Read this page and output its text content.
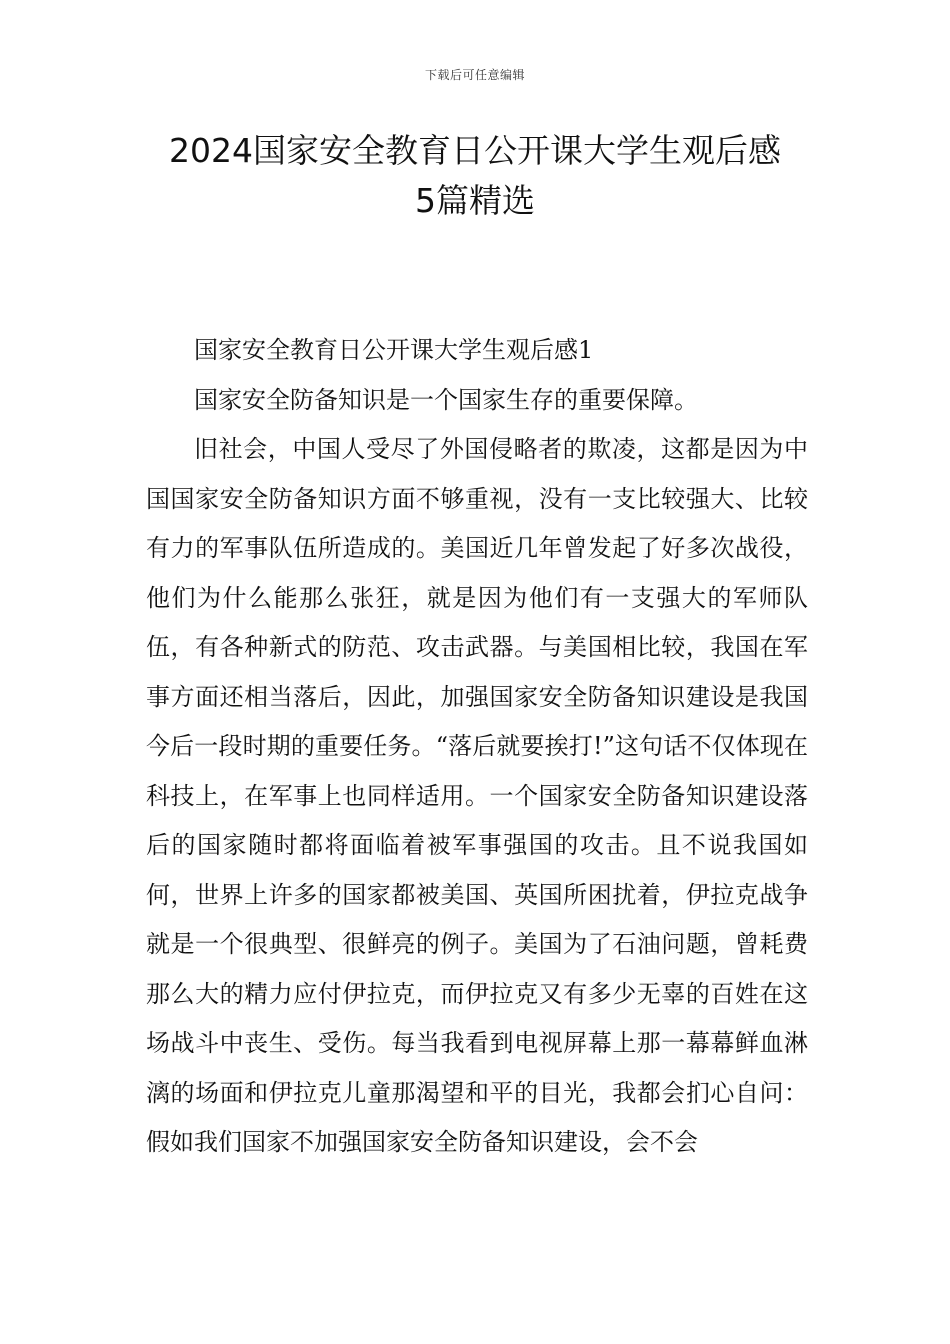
下载后可任意编辑
2024国家安全教育日公开课大学生观后感
5篇精选

国家安全教育日公开课大学生观后感1

国家安全防备知识是一个国家生存的重要保障。

旧社会，中国人受尽了外国侵略者的欺凌，这都是因为中国国家安全防备知识方面不够重视，没有一支比较强大、比较有力的军事队伍所造成的。美国近几年曾发起了好多次战役，他们为什么能那么张狂，就是因为他们有一支强大的军师队伍，有各种新式的防范、攻击武器。与美国相比较，我国在军事方面还相当落后，因此，加强国家安全防备知识建设是我国今后一段时期的重要任务。“落后就要挨打!”这句话不仅体现在科技上，在军事上也同样适用。一个国家安全防备知识建设落后的国家随时都将面临着被军事强国的攻击。且不说我国如何，世界上许多的国家都被美国、英国所困扰着，伊拉克战争就是一个很典型、很鲜亮的例子。美国为了石油问题，曾耗费那么大的精力应付伊拉克，而伊拉克又有多少无辜的百姓在这场战斗中丧生、受伤。每当我看到电视屏幕上那一幕幕鲜血淋漓的场面和伊拉克儿童那渴望和平的目光，我都会扪心自问：假如我们国家不加强国家安全防备知识建设，会不会
